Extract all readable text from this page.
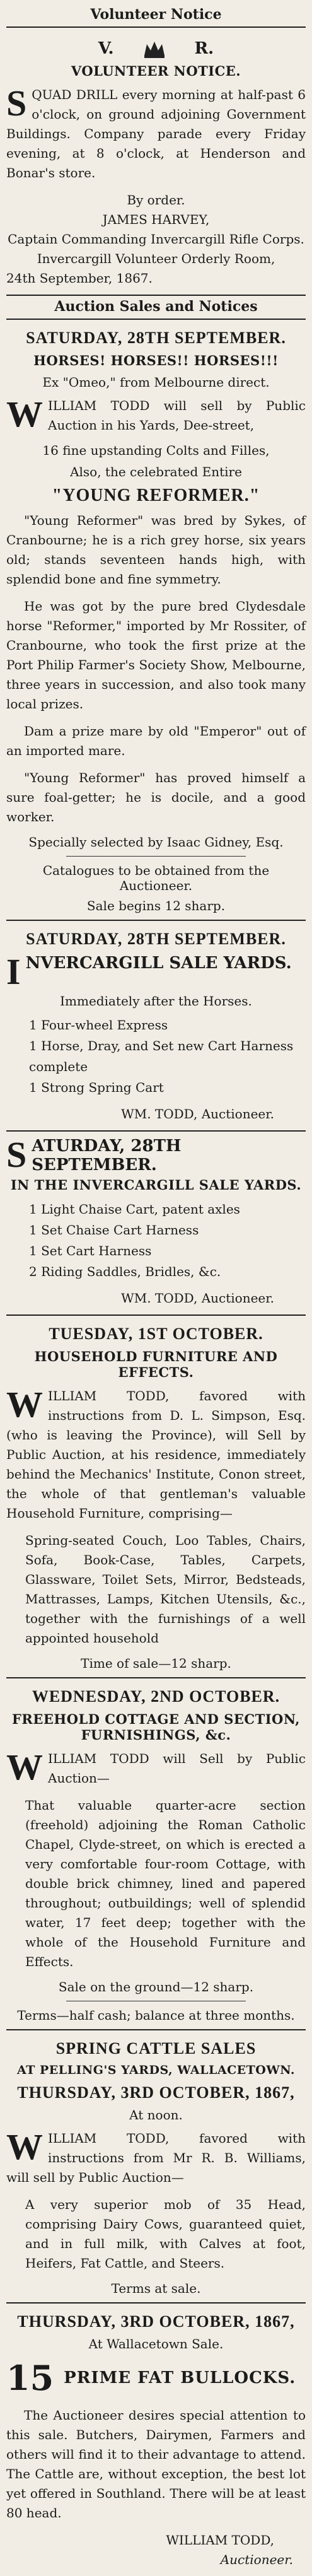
Volunteer Notice
V.	R.
VOLUNTEER NOTICE.

SQUAD DRILL every morning at half-past 6 o'clock, on ground adjoining Government Buildings. Company parade every Friday evening, at 8 o'clock, at Henderson and Bonar's store.

By order.
JAMES HARVEY,
Captain Commanding Invercargill Rifle Corps.
Invercargill Volunteer Orderly Room,
24th September, 1867.
Auction Sales and Notices
SATURDAY, 28TH SEPTEMBER.
HORSES! HORSES!! HORSES!!!
Ex "Omeo," from Melbourne direct.

WILLIAM TODD will sell by Public Auction in his Yards, Dee-street,

16 fine upstanding Colts and Filles,
Also, the celebrated Entire
"YOUNG REFORMER."

"Young Reformer" was bred by Sykes, of Cranbourne; he is a rich grey horse, six years old; stands seventeen hands high, with splendid bone and fine symmetry.

He was got by the pure bred Clydesdale horse "Reformer," imported by Mr Rossiter, of Cranbourne, who took the first prize at the Port Philip Farmer's Society Show, Melbourne, three years in succession, and also took many local prizes.

Dam a prize mare by old "Emperor" out of an imported mare.

"Young Reformer" has proved himself a sure foal-getter; he is docile, and a good worker.

Specially selected by Isaac Gidney, Esq.
Catalogues to be obtained from the Auctioneer.
Sale begins 12 sharp.
SATURDAY, 28TH SEPTEMBER.
INVERCARGILL SALE YARDS.
Immediately after the Horses.
1 Four-wheel Express
1 Horse, Dray, and Set new Cart Harness complete
1 Strong Spring Cart
WM. TODD, Auctioneer.
SATURDAY, 28TH SEPTEMBER.
IN THE INVERCARGILL SALE YARDS.
1 Light Chaise Cart, patent axles
1 Set Chaise Cart Harness
1 Set Cart Harness
2 Riding Saddles, Bridles, &c.
WM. TODD, Auctioneer.
TUESDAY, 1ST OCTOBER.
HOUSEHOLD FURNITURE AND EFFECTS.

WILLIAM TODD, favored with instructions from D. L. Simpson, Esq. (who is leaving the Province), will Sell by Public Auction, at his residence, immediately behind the Mechanics' Institute, Conon street, the whole of that gentleman's valuable Household Furniture, comprising—

Spring-seated Couch, Loo Tables, Chairs, Sofa, Book-Case, Tables, Carpets, Glassware, Toilet Sets, Mirror, Bedsteads, Mattrasses, Lamps, Kitchen Utensils, &c., together with the furnishings of a well appointed household

Time of sale—12 sharp.
WEDNESDAY, 2ND OCTOBER.
FREEHOLD COTTAGE AND SECTION, FURNISHINGS, &c.

WILLIAM TODD will Sell by Public Auction—

That valuable quarter-acre section (freehold) adjoining the Roman Catholic Chapel, Clyde-street, on which is erected a very comfortable four-room Cottage, with double brick chimney, lined and papered throughout; outbuildings; well of splendid water, 17 feet deep; together with the whole of the Household Furniture and Effects.

Sale on the ground—12 sharp.
Terms—half cash; balance at three months.
SPRING CATTLE SALES
AT PELLING'S YARDS, WALLACETOWN.
THURSDAY, 3RD OCTOBER, 1867,
At noon.

WILLIAM TODD, favored with instructions from Mr R. B. Williams, will sell by Public Auction—

A very superior mob of 35 Head, comprising Dairy Cows, guaranteed quiet, and in full milk, with Calves at foot, Heifers, Fat Cattle, and Steers.

Terms at sale.
THURSDAY, 3RD OCTOBER, 1867,
At Wallacetown Sale.
15 PRIME FAT BULLOCKS.

The Auctioneer desires special attention to this sale. Butchers, Dairymen, Farmers and others will find it to their advantage to attend. The Cattle are, without exception, the best lot yet offered in Southland. There will be at least 80 head.

WILLIAM TODD,
Auctioneer.
